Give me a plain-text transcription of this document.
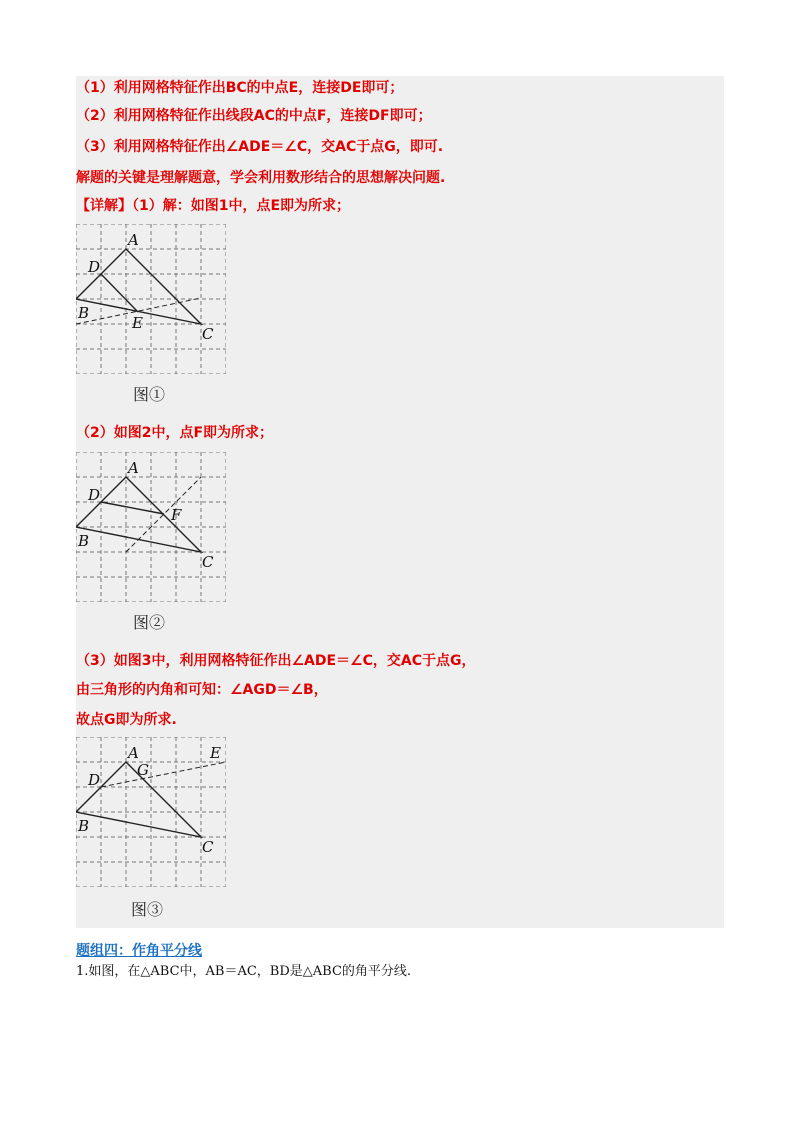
（1）利用网格特征作出BC的中点E，连接DE即可；
（2）利用网格特征作出线段AC的中点F，连接DF即可；
（3）利用网格特征作出∠ADE＝∠C，交AC于点G，即可.
解题的关键是理解题意，学会利用数形结合的思想解决问题.
【详解】（1）解：如图1中，点E即为所求；
A
D
B
E
C
图①
（2）如图2中，点F即为所求；
A
D
F
B
C
图②
（3）如图3中，利用网格特征作出∠ADE＝∠C，交AC于点G，
由三角形的内角和可知：∠AGD＝∠B，
故点G即为所求.
A
G
E
D
B
C
图③
题组四：作角平分线
1.如图，在△ABC中，AB＝AC，BD是△ABC的角平分线.
